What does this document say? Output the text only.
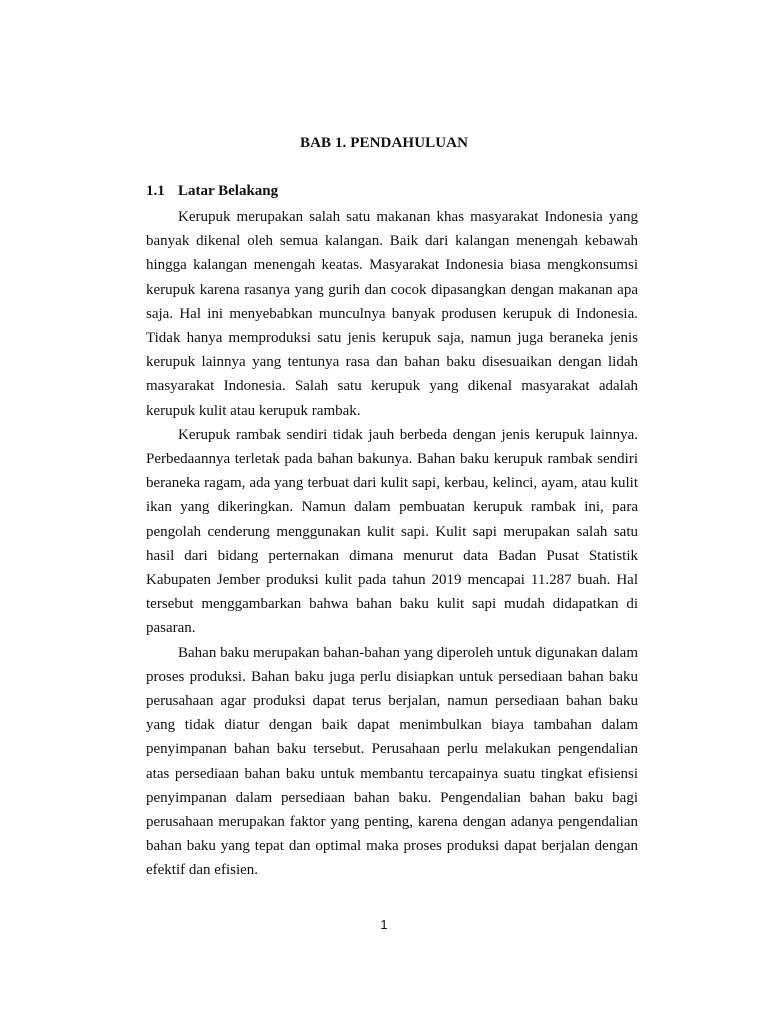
BAB 1. PENDAHULUAN
1.1 Latar Belakang

Kerupuk merupakan salah satu makanan khas masyarakat Indonesia yang banyak dikenal oleh semua kalangan. Baik dari kalangan menengah kebawah hingga kalangan menengah keatas. Masyarakat Indonesia biasa mengkonsumsi kerupuk karena rasanya yang gurih dan cocok dipasangkan dengan makanan apa saja. Hal ini menyebabkan munculnya banyak produsen kerupuk di Indonesia. Tidak hanya memproduksi satu jenis kerupuk saja, namun juga beraneka jenis kerupuk lainnya yang tentunya rasa dan bahan baku disesuaikan dengan lidah masyarakat Indonesia. Salah satu kerupuk yang dikenal masyarakat adalah kerupuk kulit atau kerupuk rambak.

Kerupuk rambak sendiri tidak jauh berbeda dengan jenis kerupuk lainnya. Perbedaannya terletak pada bahan bakunya. Bahan baku kerupuk rambak sendiri beraneka ragam, ada yang terbuat dari kulit sapi, kerbau, kelinci, ayam, atau kulit ikan yang dikeringkan. Namun dalam pembuatan kerupuk rambak ini, para pengolah cenderung menggunakan kulit sapi. Kulit sapi merupakan salah satu hasil dari bidang perternakan dimana menurut data Badan Pusat Statistik Kabupaten Jember produksi kulit pada tahun 2019 mencapai 11.287 buah. Hal tersebut menggambarkan bahwa bahan baku kulit sapi mudah didapatkan di pasaran.

Bahan baku merupakan bahan-bahan yang diperoleh untuk digunakan dalam proses produksi. Bahan baku juga perlu disiapkan untuk persediaan bahan baku perusahaan agar produksi dapat terus berjalan, namun persediaan bahan baku yang tidak diatur dengan baik dapat menimbulkan biaya tambahan dalam penyimpanan bahan baku tersebut. Perusahaan perlu melakukan pengendalian atas persediaan bahan baku untuk membantu tercapainya suatu tingkat efisiensi penyimpanan dalam persediaan bahan baku. Pengendalian bahan baku bagi perusahaan merupakan faktor yang penting, karena dengan adanya pengendalian bahan baku yang tepat dan optimal maka proses produksi dapat berjalan dengan efektif dan efisien.

1
